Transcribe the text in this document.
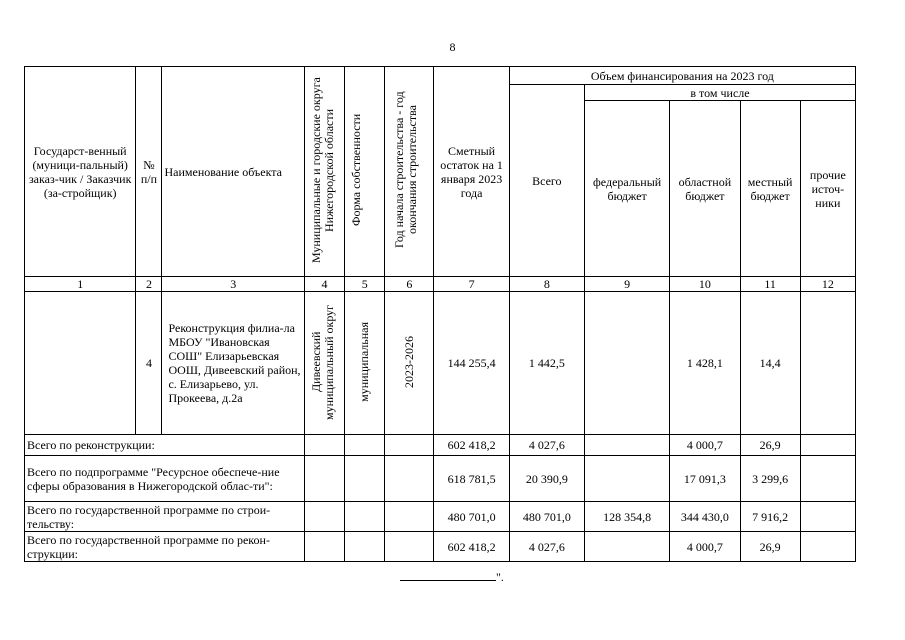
8
Государст-венный (муници-пальный) заказ-чик / Заказчик (за-стройщик)	№ п/п	Наименование объекта	Муниципальные и городские округа Нижегородской области	Форма собственности	Год начала строительства - год окончания строительства	Сметный остаток на 1 января 2023 года	Объем финансирования на 2023 год				
							Всего	в том числе			
								федеральный бюджет	областной бюджет	местный бюджет	прочие источ-ники
1	2	3	4	5	6	7	8	9	10	11	12
	4	Реконструкция филиа-ла МБОУ "Ивановская СОШ" Елизарьевская ООШ, Дивеевский район, с. Елизарьево, ул. Прокеева, д.2а	Дивеевский муниципальный округ	муниципальная	2023-2026	144 255,4	1 442,5		1 428,1	14,4	
Всего по реконструкции:						602 418,2	4 027,6		4 000,7	26,9	
Всего по подпрограмме "Ресурсное обеспече-ние сферы образования в Нижегородской облас-ти":						618 781,5	20 390,9		17 091,3	3 299,6	
Всего по государственной программе по строи-тельству:						480 701,0	480 701,0	128 354,8	344 430,0	7 916,2	
Всего по государственной программе по рекон-струкции:						602 418,2	4 027,6		4 000,7	26,9	
".
